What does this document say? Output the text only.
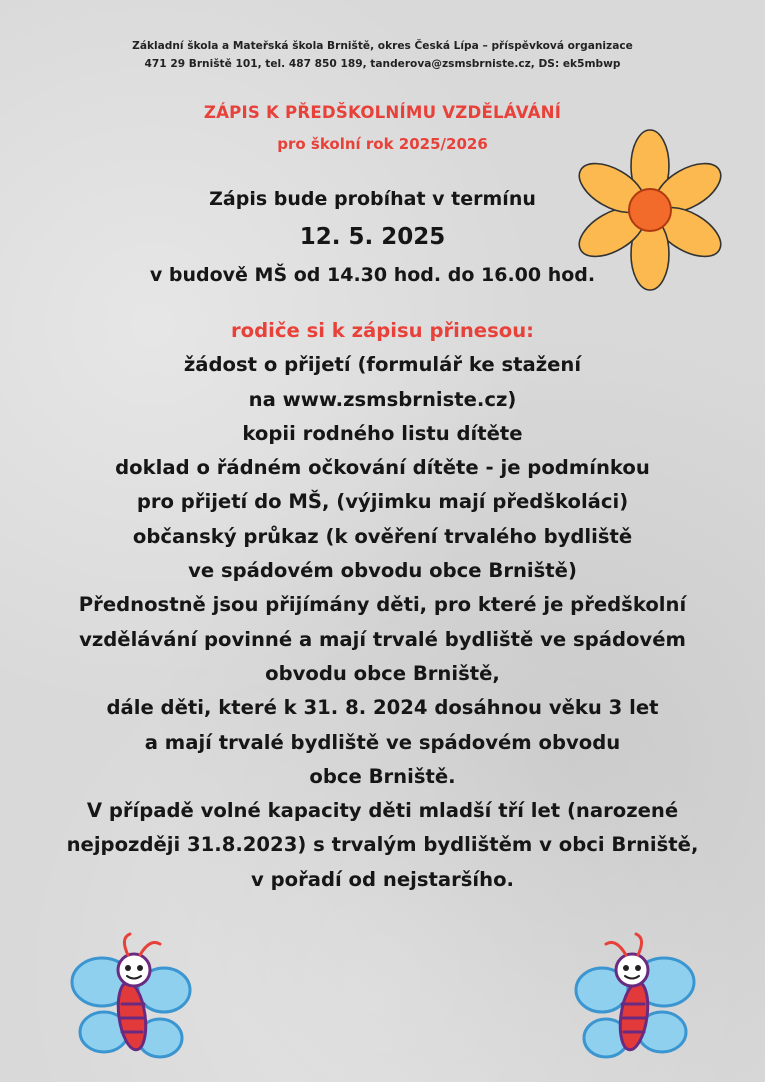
Základní škola a Mateřská škola Brniště, okres Česká Lípa – příspěvková organizace
471 29 Brniště 101, tel. 487 850 189, tanderova@zsmsbrniste.cz, DS: ek5mbwp
ZÁPIS K PŘEDŠKOLNÍMU VZDĚLÁVÁNÍ
pro školní rok 2025/2026
Zápis bude probíhat v termínu
12. 5. 2025
v budově MŠ od 14.30 hod. do 16.00 hod.
rodiče si k zápisu přinesou:
žádost o přijetí (formulář ke stažení
na www.zsmsbrniste.cz)
kopii rodného listu dítěte
doklad o řádném očkování dítěte - je podmínkou
pro přijetí do MŠ, (výjimku mají předškoláci)
občanský průkaz (k ověření trvalého bydliště
ve spádovém obvodu obce Brniště)
Přednostně jsou přijímány děti, pro které je předškolní
vzdělávání povinné a mají trvalé bydliště ve spádovém
obvodu obce Brniště,
dále děti, které k 31. 8. 2024 dosáhnou věku 3 let
a mají trvalé bydliště ve spádovém obvodu
obce Brniště.
V případě volné kapacity děti mladší tří let (narozené
nejpozději 31.8.2023) s trvalým bydlištěm v obci Brniště,
v pořadí od nejstaršího.
